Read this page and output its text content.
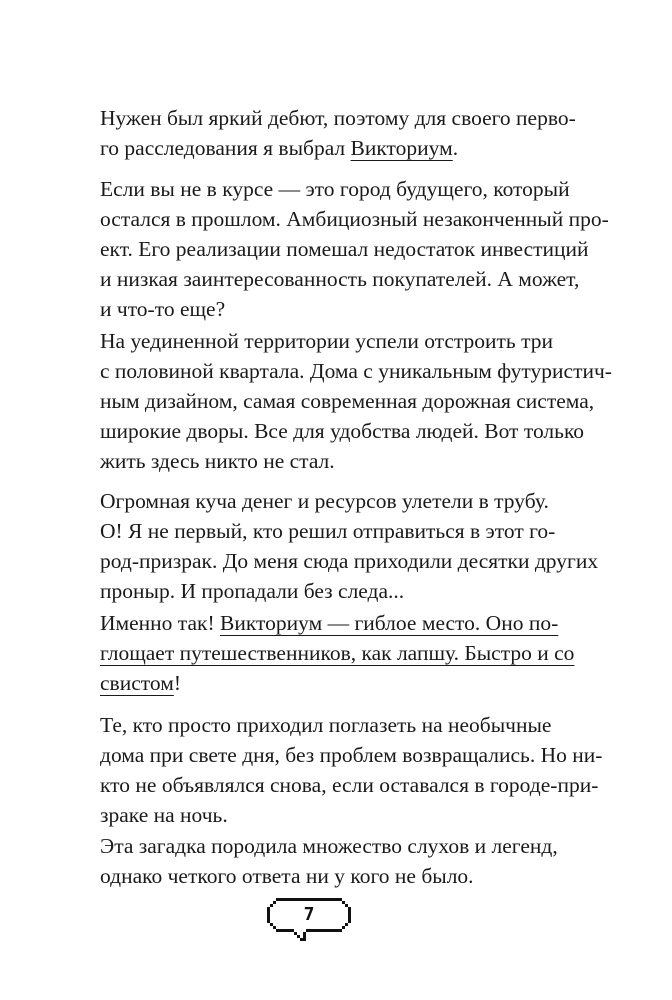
Нужен был яркий дебют, поэтому для своего перво-
го расследования я выбрал Викториум.
Если вы не в курсе — это город будущего, который
остался в прошлом. Амбициозный незаконченный про-
ект. Его реализации помешал недостаток инвестиций
и низкая заинтересованность покупателей. А может,
и что-то еще?
На уединенной территории успели отстроить три
с половиной квартала. Дома с уникальным футуристич-
ным дизайном, самая современная дорожная система,
широкие дворы. Все для удобства людей. Вот только
жить здесь никто не стал.
Огромная куча денег и ресурсов улетели в трубу.
О! Я не первый, кто решил отправиться в этот го-
род-призрак. До меня сюда приходили десятки других
проныр. И пропадали без следа...
Именно так! Викториум — гиблое место. Оно по-
глощает путешественников, как лапшу. Быстро и со
свистом!
Те, кто просто приходил поглазеть на необычные
дома при свете дня, без проблем возвращались. Но ни-
кто не объявлялся снова, если оставался в городе-при-
зраке на ночь.
Эта загадка породила множество слухов и легенд,
однако четкого ответа ни у кого не было.
7
